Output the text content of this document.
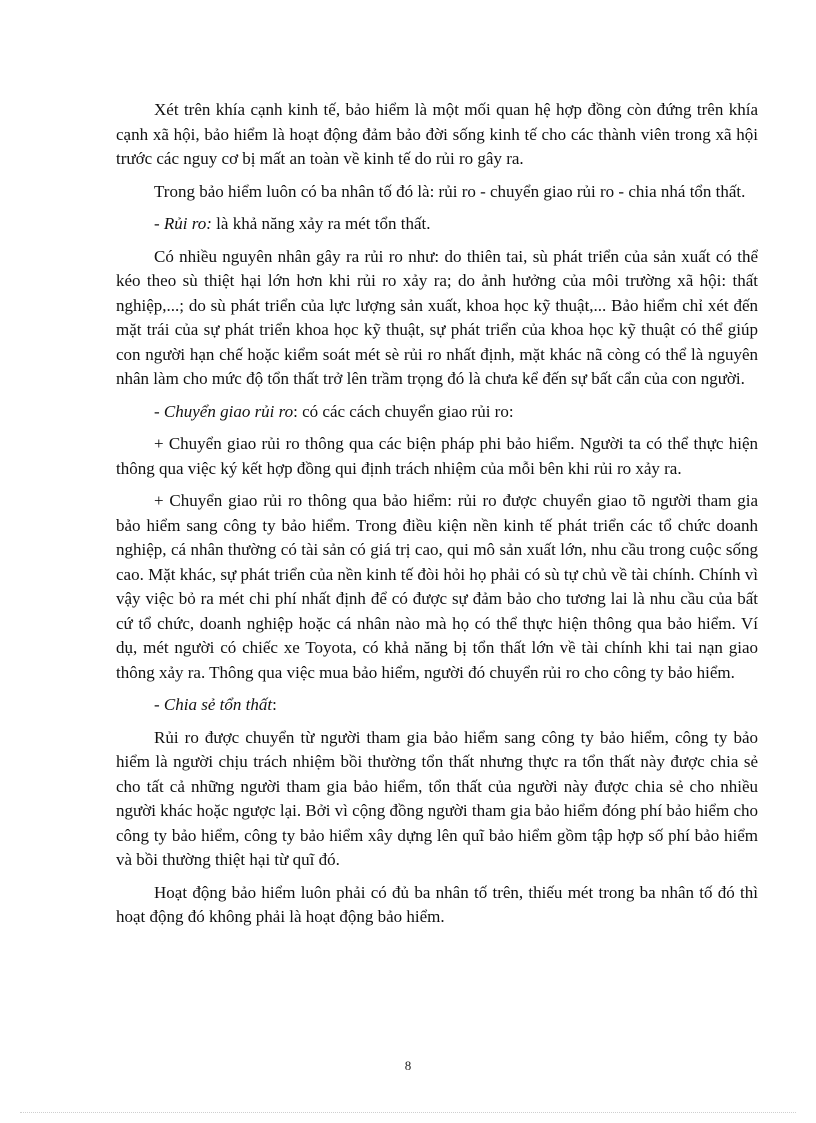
Xét trên khía cạnh kinh tế, bảo hiểm là một mối quan hệ hợp đồng còn đứng trên khía cạnh xã hội, bảo hiểm là hoạt động đảm bảo đời sống kinh tế cho các thành viên trong xã hội trước các nguy cơ bị mất an toàn về kinh tế do rủi ro gây ra.

Trong bảo hiểm luôn có ba nhân tố đó là: rủi ro - chuyển giao rủi ro - chia nhá tổn thất.

- Rủi ro: là khả năng xảy ra mét tổn thất.

Có nhiều nguyên nhân gây ra rủi ro như: do thiên tai, sù phát triển của sản xuất có thể kéo theo sù thiệt hại lớn hơn khi rủi ro xảy ra; do ảnh hưởng của môi trường xã hội: thất nghiệp,...; do sù phát triển của lực lượng sản xuất, khoa học kỹ thuật,... Bảo hiểm chỉ xét đến mặt trái của sự phát triển khoa học kỹ thuật, sự phát triển của khoa học kỹ thuật có thể giúp con người hạn chế hoặc kiểm soát mét sè rủi ro nhất định, mặt khác nã còng có thể là nguyên nhân làm cho mức độ tổn thất trở lên trầm trọng đó là chưa kể đến sự bất cẩn của con người.

- Chuyển giao rủi ro: có các cách chuyển giao rủi ro:

+ Chuyển giao rủi ro thông qua các biện pháp phi bảo hiểm. Người ta có thể thực hiện thông qua việc ký kết hợp đồng qui định trách nhiệm của mỗi bên khi rủi ro xảy ra.

+ Chuyển giao rủi ro thông qua bảo hiểm: rủi ro được chuyển giao tõ người tham gia bảo hiểm sang công ty bảo hiểm. Trong điều kiện nền kinh tế phát triển các tổ chức doanh nghiệp, cá nhân thường có tài sản có giá trị cao, qui mô sản xuất lớn, nhu cầu trong cuộc sống cao. Mặt khác, sự phát triển của nền kinh tế đòi hỏi họ phải có sù tự chủ về tài chính. Chính vì vậy việc bỏ ra mét chi phí nhất định để có được sự đảm bảo cho tương lai là nhu cầu của bất cứ tổ chức, doanh nghiệp hoặc cá nhân nào mà họ có thể thực hiện thông qua bảo hiểm. Ví dụ, mét người có chiếc xe Toyota, có khả năng bị tổn thất lớn về tài chính khi tai nạn giao thông xảy ra. Thông qua việc mua bảo hiểm, người đó chuyển rủi ro cho công ty bảo hiểm.

- Chia sẻ tổn thất:

Rủi ro được chuyển từ người tham gia bảo hiểm sang công ty bảo hiểm, công ty bảo hiểm là người chịu trách nhiệm bồi thường tổn thất nhưng thực ra tổn thất này được chia sẻ cho tất cả những người tham gia bảo hiểm, tổn thất của người này được chia sẻ cho nhiều người khác hoặc ngược lại. Bởi vì cộng đồng người tham gia bảo hiểm đóng phí bảo hiểm cho công ty bảo hiểm, công ty bảo hiểm xây dựng lên quĩ bảo hiểm gồm tập hợp số phí bảo hiểm và bồi thường thiệt hại từ quĩ đó.

Hoạt động bảo hiểm luôn phải có đủ ba nhân tố trên, thiếu mét trong ba nhân tố đó thì hoạt động đó không phải là hoạt động bảo hiểm.

8
